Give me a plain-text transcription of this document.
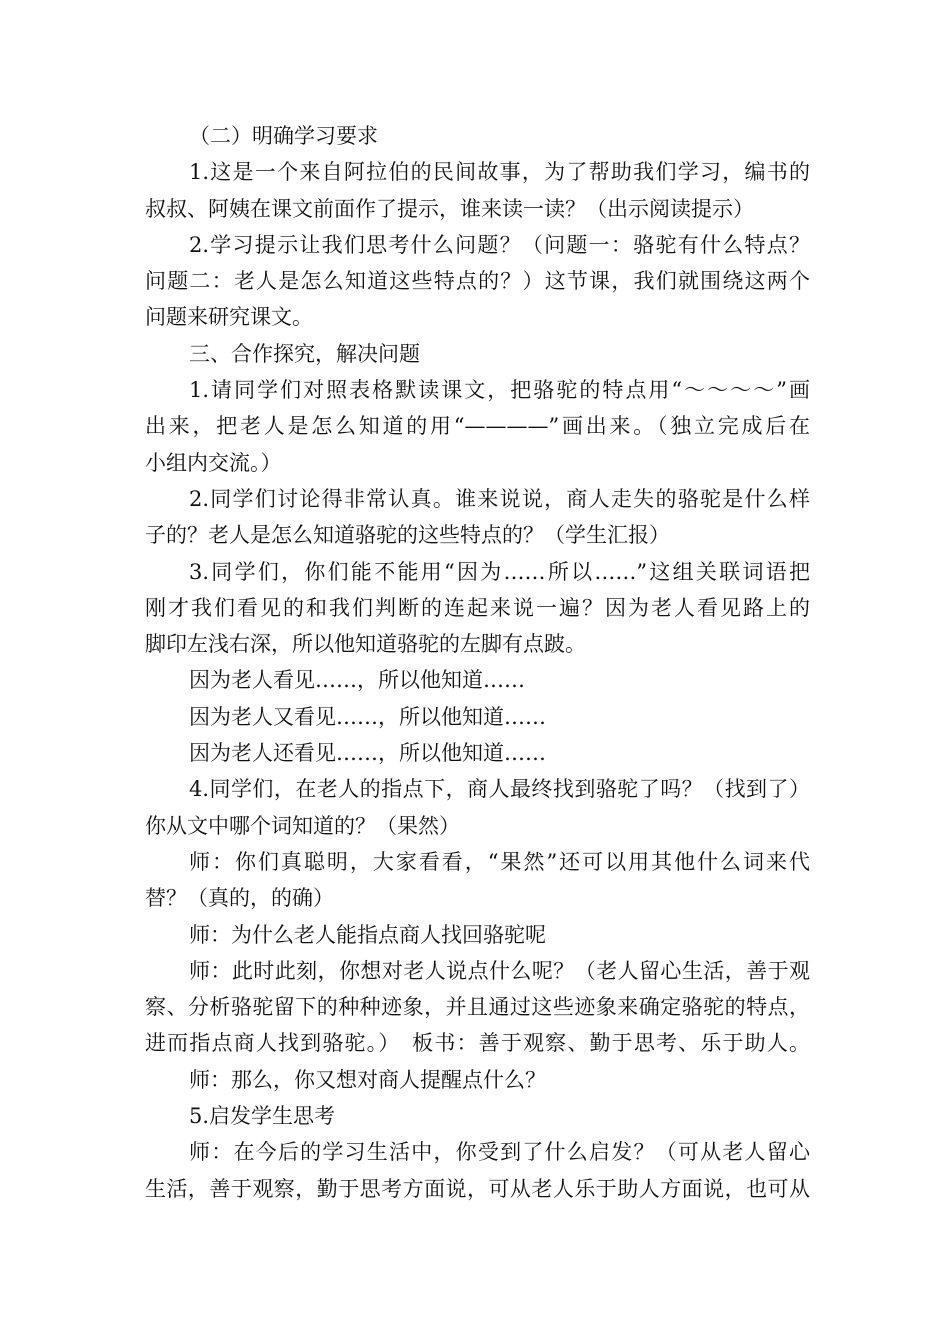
（二）明确学习要求
1.这是一个来自阿拉伯的民间故事，为了帮助我们学习，编书的
叔叔、阿姨在课文前面作了提示，谁来读一读？（出示阅读提示）
2.学习提示让我们思考什么问题？（问题一：骆驼有什么特点？
问题二：老人是怎么知道这些特点的？）这节课，我们就围绕这两个
问题来研究课文。
三、合作探究，解决问题
1.请同学们对照表格默读课文，把骆驼的特点用“～～～～”画
出来，把老人是怎么知道的用“————”画出来。（独立完成后在
小组内交流。）
2.同学们讨论得非常认真。谁来说说，商人走失的骆驼是什么样
子的？老人是怎么知道骆驼的这些特点的？（学生汇报）
3.同学们，你们能不能用“因为……所以……”这组关联词语把
刚才我们看见的和我们判断的连起来说一遍？因为老人看见路上的
脚印左浅右深，所以他知道骆驼的左脚有点跛。
因为老人看见……，所以他知道……
因为老人又看见……，所以他知道……
因为老人还看见……，所以他知道……
4.同学们，在老人的指点下，商人最终找到骆驼了吗？（找到了）
你从文中哪个词知道的？（果然）
师：你们真聪明，大家看看，“果然”还可以用其他什么词来代
替？（真的，的确）
师：为什么老人能指点商人找回骆驼呢
师：此时此刻，你想对老人说点什么呢？（老人留心生活，善于观
察、分析骆驼留下的种种迹象，并且通过这些迹象来确定骆驼的特点，
进而指点商人找到骆驼。）　板书：善于观察、勤于思考、乐于助人。
师：那么，你又想对商人提醒点什么？
5.启发学生思考
师：在今后的学习生活中，你受到了什么启发？（可从老人留心
生活，善于观察，勤于思考方面说，可从老人乐于助人方面说，也可从
